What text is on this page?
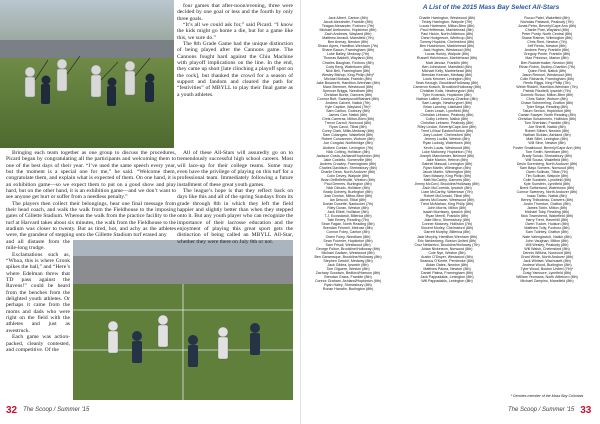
four games that after-noon/evening, three were decided by one goal or less and the fourth by only three goals.

“It’s all we could ask for,” said Picard. “I know the kids might go home a die, but for a game like this, we sure do.”

The 8th Grade Game had the unique distinction of being played after the Cannons game. The Cannons fought hard against the Chiu Machine with playoff implications on the line. In the end, they came up short [late clinching a playoff spot on the rock], but thanked the crowd for a season of support and fandom and cleared the path for “festivities” of MBYLL to play their final game as a youth athletes.

Bringing each team together as one group to discuss the procedures, Picard began by congratulating all the participants and welcoming them to one of the best days of their year. “I’ve used the same speech every year, but the moment is a special one for me,” he said. “Welcome them, congratulate them, and explain what is expected of them. On one hand, it is an exhibition game—so we expect them to put on a good show and play hard, but on the other hand, it is an exhibition game—and we don’t want to see anyone get hurt or suffer from a needless penalty.”

The players then collect their belongings, hear one final message from their head coach, and walk the walk from the Fieldhouse to the imposing gates of Gillette Stadium. Whereas the walk from the practice facility to the turf at Harvard takes about six minutes, the walk from the Fieldhouse to the stadium was closer to twenty. But as tired, hot, and achy as the athletes were, the grandeur of stepping onto the Gillette Stadium turf erased any

and all distaste from the mile-long trudge.

Exclamations such as, “Whoa, this is where Gronk spikes the ball,” and “Here’s where Edelman threw that TD pass against the Ravens!” could be heard from the benches from the delighted youth athletes. Or perhaps it came from the moms and dads who were right on the field with the athletes and just as awestruck.

Each game was action-packed, cleanly contested, and competitive. Of the

All of these All-Stars will assuredly go on to tremendously successful high school careers. Most will lace-up for their college teams. Some may even have the privilege of playing on this turf for a professional team. Immediately following a future installment of these great youth games.

The league’s hope is that they reflect back on days like this and all of the spring Sundays from its grade through 8th in which they left the field happier and slightly better than when they stepped onto it. But any youth player who can recognize the importance of their lacrosse education and the enjoyment of playing this great sport gets the distinction of being called an MBYLL All-Star, whether they were there on July 8th or not.

32 The Scoop / Summer '15
A List of the 2015 Mass Bay Select All-Stars
Jack Albert, Canton (8th)
Jacob Alexander, Franklin (8th)
Teagan Alexander, Foxboro (7th)
Michael Ambrosino, Hopkinton (8th)
Zach Andrews, Wayland (8th)
Matthew Arnault, Mansfield (7th)
Ben Averay, Newton (8th)
Shaun Ayres, Hamilton-Wenham (7th)
Shane Bacon, Framingham (8th)
Luke Bailey, Medway (7th)
Thomas Baldelli, Wayland (8th)
Charles Baughan, Foxboro (8th)
Cody Berg, Watertown (8th)
Nick Bell, Framingham (8th)
Wesley Bishop, King Philip (8th)*
Michael Bobala, Franklin (8th)
Jake Bosworth, Hamilton-Wenham (8th)
Maxx Bremner, Westwood (8th)
Spencer Briggs, Needham (8th)
Christian Burke, Danvers (8th)
Connor Butt, Swampscott/Nahant (8th)
Andrew Calvert, Natick (7th)
Kyle Caplice, Wayland (7th)*
Sam Carlton, Duxbury (8th)
James Carr, Natick (8th)
Chris Carreras, Milton-Bbm (8th)
Trevor Carroll, Norwood (8th)
Ryan Cavol, Tilbai (8th)
Corey Clark, Millis-Medway (8th)
Sam Colangelo, Wakefield (8th)
Robert Concannon, Woburn (8th)
Joe Congdal, Northbridge (8th)
Andrew Conlan, Lexington (7th)
Nick Cotting, Holliston (8th)
Jackson Costa, Ashland/Hopkinton (8th)
Jake Costello, Somerville (8th)
Andrew Crowley, Framingham (8th)
Charles Davidson, Shrewsbury (8th)
Charlie Dean, North Andover (8th)
Colin Devey, Walpole (8th)
Brian DeBellefeuille, Weston (8th)
Paul Demers, Burlington (8th)
Nick Dibudo, Holliston (8th)
Brady Doherty, Burlington (8th)
Josh Donlan, Milton-Bbm (8th)
Ian Driscoll, Tilbai (8th)
Dorian Dusette, Nantucket (7th)
Riley Duran, Weston (8th)
Jack Elliott, Holliston (8th)
T.J. Ecosstandi, Billerica (8th)
Tate Emery, Reading (7th)
Sean Fagan, North Reading (8th)
Brendan Fennell, Melrose (8th)
Connor Foley, Canton (8th)
Owen Foley, Needham (8th)
Sean Fournier, Hopkinton (8th)
Sam Frisoli, Westwood (8th)
George Fulton, Brookline/Holloway (8th)
Michael Gadsen, Westwood (8th)
Ben Garamsque, Brookline/Holloway (8th)
Stephen Getchll, Medway (8th)
Jack Gildea, Ipswich (8th)
Tom Giguere, Weston (8th)
Zachary Goodwin, Bedford/Hanson (8th)
Brendan Grass, Franklin (8th)
Connor Graham, Ashland/Hopkinton (8th)
Ryan Haley, Shrewsbury (8th)
Ronan Hanafin, Burlington (8th)
Charlie Harrington, Westwood (8th)
Teddy Harrington, Walpole (7th)
Lucas Hartmann, Milton-Bbm (8th)
Paul Heffernan, Marblehead (8th)
Paul Hickin, North Attleboro (8th)
Drew Hodgerson, Winthrop (8th)
Tommy Hopkins, Chelmsford (8th)
Ben Hutchinson, Marblehead (8th)
Jack Hughes, Westwood (8th)
Lucas Hurley, Walpole (8th)
Russell Hutchinson, Marblehead (8th)
Matt Janosz, Franklin (8th)
Ben Johnstone, Mansfield (8th)
Michael Kelly, Marblehead (8th)
Brendan Keenan, Medway (8th)
Louis Kesmer, Lexington (8th)
Sean Keough, Brookline/Holloway (8th)
Cameron Krasch, Brookline/Holloway (8th)
Christian Kotis, Newburyport (8th)
Tyler Krusnick, Hopkinton (8th)
Nathan LaBrie, Duxbury-Charlton (8th)
Sam Langin, Newburyport (8th)
Brian Lanning, Lakeland (8th)
Darin Leach, Lynnfield (8th)
Christian Lebrano, Peabody (8th)
Colby Lethem, Natick (8th)
Christian Lebrano, Peabody (8th)
Riley Lindon, Beverly/Cape Ann (8th)
Trent LiVisa/ Easton/Norton (8th)
Joey Louber, Chelmsford (8th)
Jeremy Lucilla, Weston (8th)
Ryan Ludwig, Watertown (8th)
Kevin Lucas, Westwood (8th)
Luke Mahoney, Hopkinton (7th)
Joseph Manchester, Belmont (8th)
Jake Marion, Hebron (8th)
Gabriel Mascali, Lexington (8th)
Ryan Martin, Wilmington (8th)
Jacob Martin, Wilmington (8th)
Sam Massey, King Philip (8th)
Matt McCarthy, Danvers (8th)
Jimmy McCord, Brookline/Holloway (8th)
Zach McCormick, Ipswich (8th)
Liam McCarthy, Watertown (7th)
Robert McDonald, Tilbai (8th)
James McGowan, Westwood (8th)
Trent McMahan, King Philip (8th)
John Morris, Milton (8th)
Isaiah Morrissey, Ipswich (8th)
Ryan Merrill, Franklin (8th)
Jake Mirro, Shrewsbury (8th)
Conner Moloney, Holliston (7th)
Vincent Morley, Chelmsford (8th)
Garrett Murphy, Billerica (8th)
Jack Murphy, Hamilton-Wenham (8th)
Eric Neidenberg, Boston United (8th)
Cruz Nettarrivo, Brookline/Holloway (7th)
Aidan Nickerson, Norwood (8th)
Cole Nye, Weston (8th)
Austin O’Dwyer, Westwood (8th)
Seamus O’Keefe, Pembroke (8th)
Aidan Oates, Newton (8th)
Matthew Palma, Newton (8th)
Daniel Palma, Framingham (8th)
Jack Pappadakis, Lexington (8th)
Will Pappadakis, Lexington (8th)
Rocco Patel, Wakefield (8th)
Nicholas Pattavoli, Peabody (7th)
Jonas Petro, Beverly/Cape Ann (8th)
Charlie Post, Wayland (8th)
Peter Purdy, North Central (8th)
Shane Raimer, Wilmington (8th)
Chris Rent, Newton (7th)
Jeff Rento, Newton (8th)
Andrew Perry, Franklin (8th)
Gregory Ponte, Franklin (8th)
Max Prezioso, Marion (8th)
Ben Rowdermaker, Newton (8th)
Ethan Rubin, Dudley-Charlton (7th)
Quinn Redi, Natick (8th)
Jason Remuel, Westwood (8th)
Colin Richards, Framingham (8th)
Renfu Riggs, King Philip (7th)
Webb Riddell, Hamilton-Wenham (7th)
Patrick Rizzitelli, Ipswich (7th)
Dominic Russo, Milton-Bbm (8th)
Chris Sable, Woburn (8th)
Chase Schemeling, Grafton (8th)
Tyler Seiga, Reading (8th)
Tatum Sexton, Hopkinton (8th)
Cavlan Sawyer, North Reading (8th)
Christian Schammelo, Holliston (8th)
Tom Sheridan, Franklin (8th)
Joe Sherifi, Natick (8th)
Robert Silbert, Newton (8th)
Nathan Sicklan, Ashland (8th)
Matt Sillel, Lexington (8th)
Will Slive, Newton (8th)
Foster Smallwood, Beverly/Cape Ann (8th)
Tom Smith, Needham (8th)
Brady Sololo, Shrewsbury (8th)
Will Sousa, Wakefield (8th)
Devin Sorenberg, North Andover (8th)
Sam Bayo Somers, Norwood (8th)
Owen Sullivan, Tilbai (7th)
Tim Sullivan, Walpole (8th)
Colin Sunstein, Lynnfield (8th)
Kyle Sunstein, Lynnfield (8th)
Brent Sutherland, Watertown (8th)
Connor Sweeney, North Andover (8th)
Isaac Tabko, Natick (8th)
Benny Thibodeau, Danvers (8th)
Justin Thornton, Grafton (8th)
James Tobin, Milton (8th)
Michael Toby, Reading (8th)
Nick Townshend, Wakefield (8th)
Harry Trent, Haverhill (8th)
Owen Tucker, Hudson (8th)
Matthew Tully, Foxboro (8th)
Sam Tulintey, Grafton (8th)
Nate Valengiavich, Natick (8th)
John Vaughan, Milton (8th)
Will Wesley, Peabody (8th)
Will Walsh, Chelmsford (8th)
Dennis Wilkins, Norwood (8th)
Grant White, North Andover (8th)
Jack Whitset, Wachusett (8th)
Andrew Wood, Burlington (8th)
Tyler Wood, Boston United (7th)*
Craig Yamoore, Lynnfield (8th)
William Yeomans, North Attleboro (8th)
Michael Zampino, Mansfield (8th)
* Denotes member of the Mass Bay Colonials
The Scoop / Summer '15 33
